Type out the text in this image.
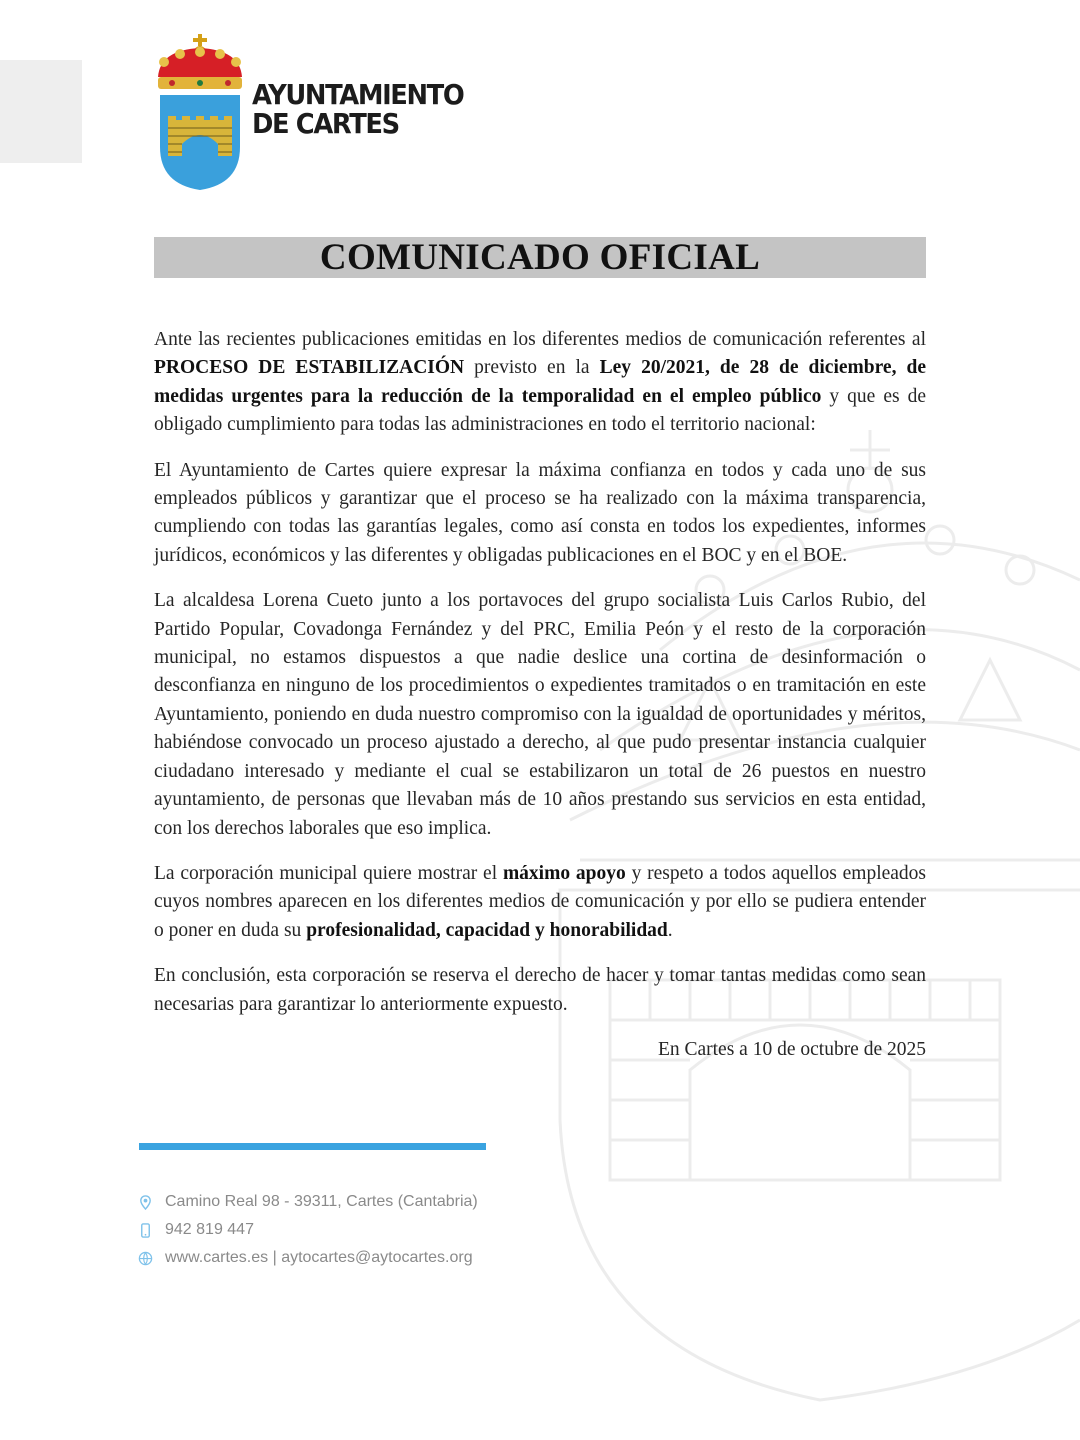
AYUNTAMIENTO
DE CARTES
COMUNICADO OFICIAL

Ante las recientes publicaciones emitidas en los diferentes medios de comunicación referentes al PROCESO DE ESTABILIZACIÓN previsto en la Ley 20/2021, de 28 de diciembre, de medidas urgentes para la reducción de la temporalidad en el empleo público y que es de obligado cumplimiento para todas las administraciones en todo el territorio nacional:

El Ayuntamiento de Cartes quiere expresar la máxima confianza en todos y cada uno de sus empleados públicos y garantizar que el proceso se ha realizado con la máxima transparencia, cumpliendo con todas las garantías legales, como así consta en todos los expedientes, informes jurídicos, económicos y las diferentes y obligadas publicaciones en el BOC y en el BOE.

La alcaldesa Lorena Cueto junto a los portavoces del grupo socialista Luis Carlos Rubio, del Partido Popular, Covadonga Fernández y del PRC, Emilia Peón y el resto de la corporación municipal, no estamos dispuestos a que nadie deslice una cortina de desinformación o desconfianza en ninguno de los procedimientos o expedientes tramitados o en tramitación en este Ayuntamiento, poniendo en duda nuestro compromiso con la igualdad de oportunidades y méritos, habiéndose convocado un proceso ajustado a derecho, al que pudo presentar instancia cualquier ciudadano interesado y mediante el cual se estabilizaron un total de 26 puestos en nuestro ayuntamiento, de personas que llevaban más de 10 años prestando sus servicios en esta entidad, con los derechos laborales que eso implica.

La corporación municipal quiere mostrar el máximo apoyo y respeto a todos aquellos empleados cuyos nombres aparecen en los diferentes medios de comunicación y por ello se pudiera entender o poner en duda su profesionalidad, capacidad y honorabilidad.

En conclusión, esta corporación se reserva el derecho de hacer y tomar tantas medidas como sean necesarias para garantizar lo anteriormente expuesto.

En Cartes a 10 de octubre de 2025

Camino Real 98 - 39311, Cartes (Cantabria)
942 819 447
www.cartes.es | aytocartes@aytocartes.org
